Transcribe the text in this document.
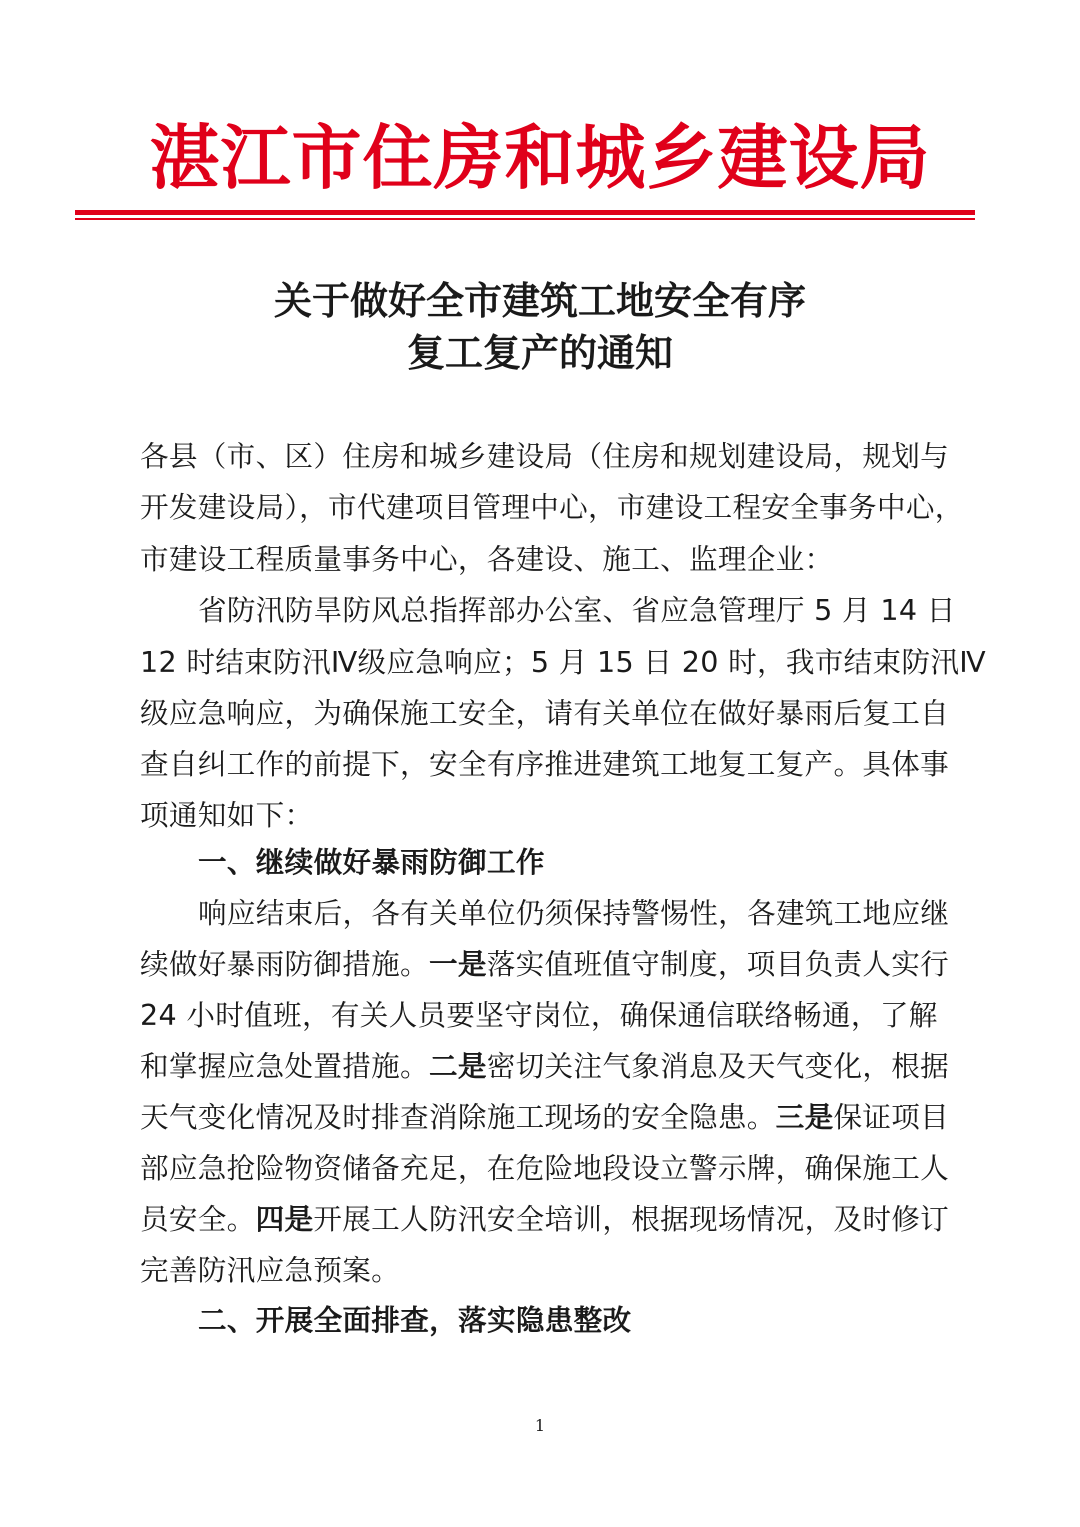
湛江市住房和城乡建设局
关于做好全市建筑工地安全有序
复工复产的通知
各县（市、区）住房和城乡建设局（住房和规划建设局，规划与
开发建设局），市代建项目管理中心，市建设工程安全事务中心，
市建设工程质量事务中心，各建设、施工、监理企业：
省防汛防旱防风总指挥部办公室、省应急管理厅 5 月 14 日
12 时结束防汛Ⅳ级应急响应；5 月 15 日 20 时，我市结束防汛Ⅳ
级应急响应，为确保施工安全，请有关单位在做好暴雨后复工自
查自纠工作的前提下，安全有序推进建筑工地复工复产。具体事
项通知如下：
一、继续做好暴雨防御工作
响应结束后，各有关单位仍须保持警惕性，各建筑工地应继
续做好暴雨防御措施。一是落实值班值守制度，项目负责人实行
24 小时值班，有关人员要坚守岗位，确保通信联络畅通，了解
和掌握应急处置措施。二是密切关注气象消息及天气变化，根据
天气变化情况及时排查消除施工现场的安全隐患。三是保证项目
部应急抢险物资储备充足，在危险地段设立警示牌，确保施工人
员安全。四是开展工人防汛安全培训，根据现场情况，及时修订
完善防汛应急预案。
二、开展全面排查，落实隐患整改
1
